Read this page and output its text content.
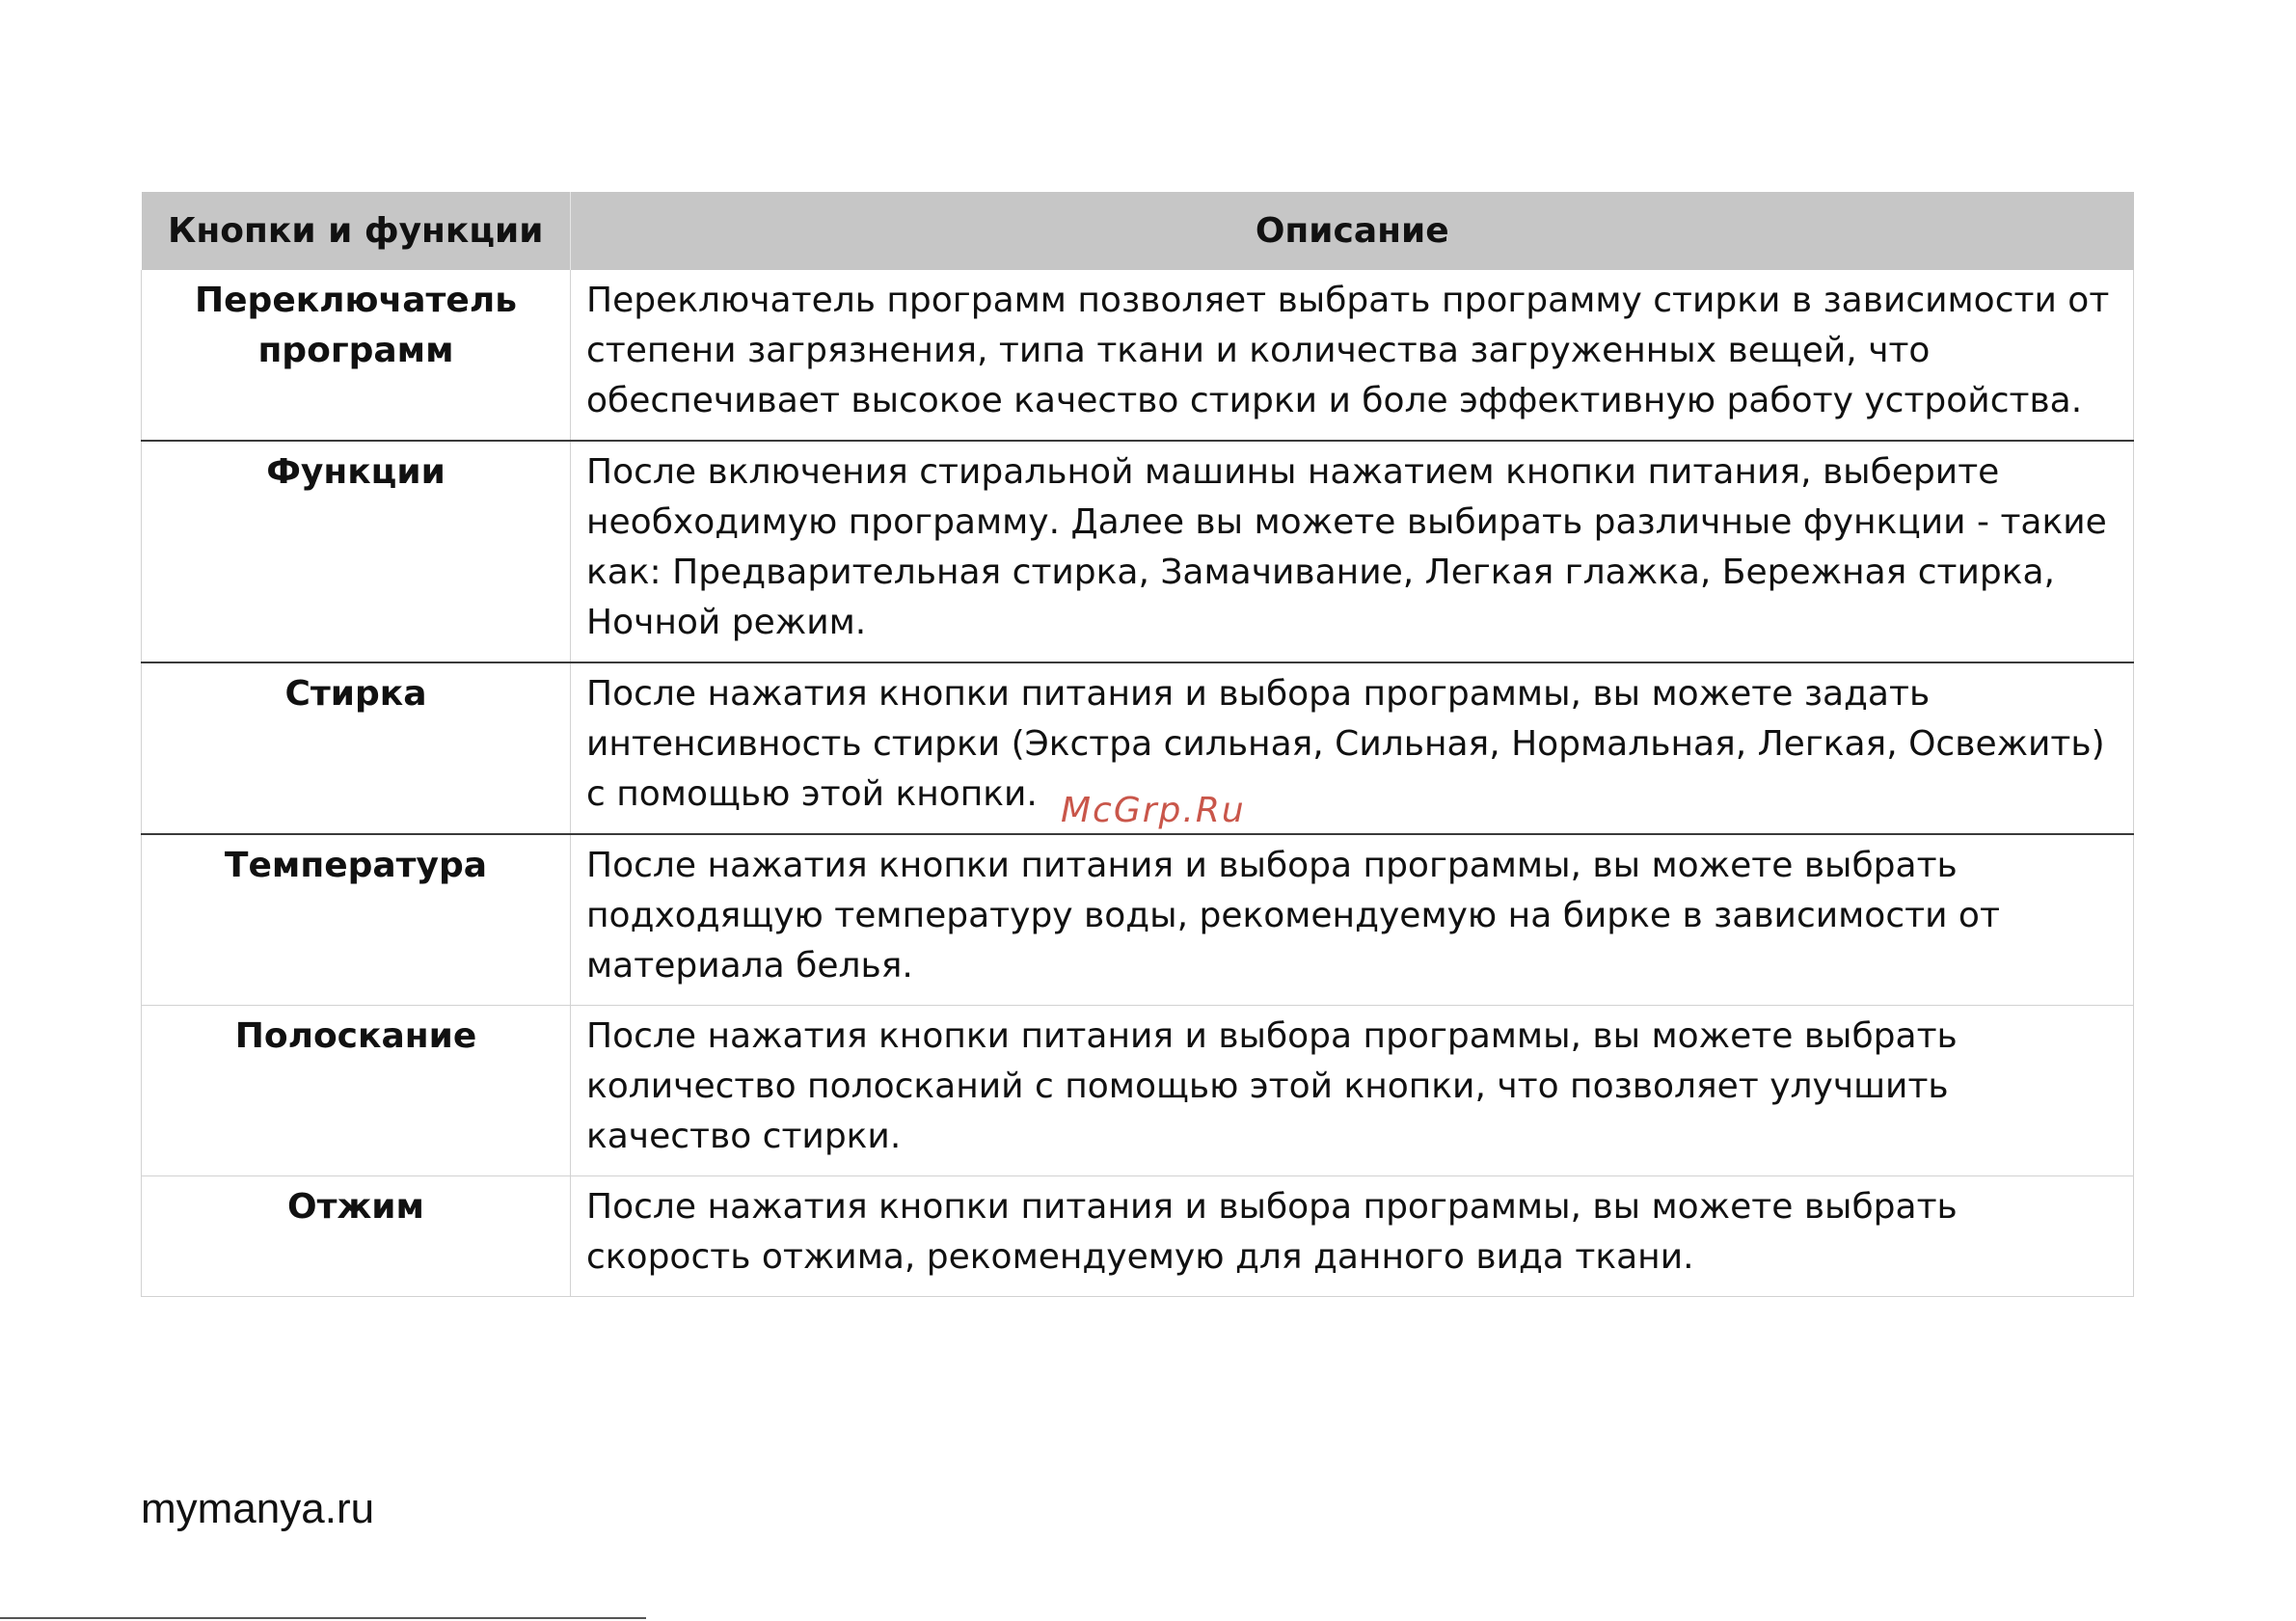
Кнопки и функции	Описание
Переключатель программ	Переключатель программ позволяет выбрать программу стирки в зависимости от степени загрязнения, типа ткани и количества загруженных вещей, что обеспечивает высокое качество стирки и боле эффективную работу устройства.
Функции	После включения стиральной машины нажатием кнопки питания, выберите необходимую программу. Далее вы можете выбирать различные функции - такие как: Предварительная стирка, Замачивание, Легкая глажка, Бережная стирка, Ночной режим.
Стирка	После нажатия кнопки питания и выбора программы, вы можете задать интенсивность стирки (Экстра сильная, Сильная, Нормальная, Легкая, Освежить) с помощью этой кнопки.
Температура	После нажатия кнопки питания и выбора программы, вы можете выбрать подходящую температуру воды, рекомендуемую на бирке в зависимости от материала белья.
Полоскание	После нажатия кнопки питания и выбора программы, вы можете выбрать количество полосканий с помощью этой кнопки, что позволяет улучшить качество стирки.
Отжим	После нажатия кнопки питания и выбора программы, вы можете выбрать скорость отжима, рекомендуемую для данного вида ткани.
McGrp.Ru
mymanya.ru
